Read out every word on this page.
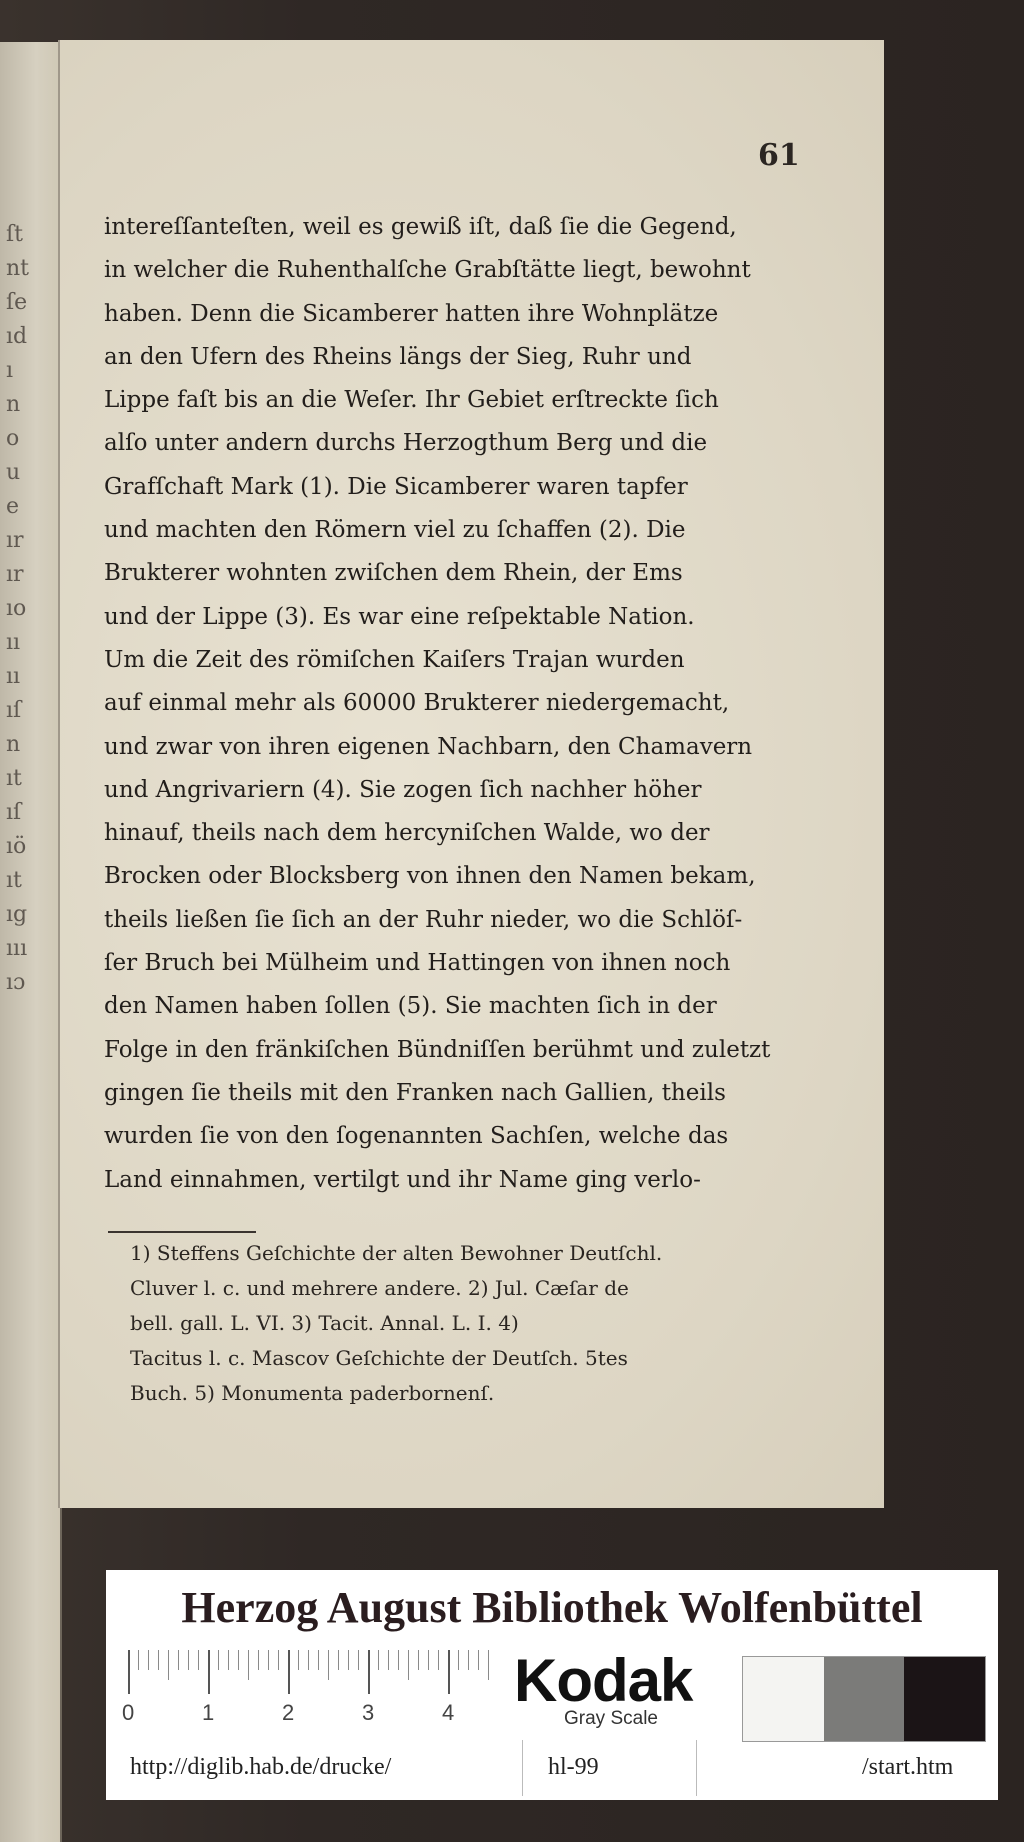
ſt
nt
ſe
ıd
ı
n
o
u
e
ır
ır
ıo
ıı
ıı
ıſ
n
ıt
ıſ
ıö
ıt
ıg
ııı
ıɔ
61
intereſſanteſten, weil es gewiß iſt, daß ſie die Gegend,
in welcher die Ruhenthalſche Grabſtätte liegt, bewohnt
haben. Denn die Sicamberer hatten ihre Wohnplätze
an den Ufern des Rheins längs der Sieg, Ruhr und
Lippe faſt bis an die Weſer. Ihr Gebiet erſtreckte ſich
alſo unter andern durchs Herzogthum Berg und die
Grafſchaft Mark (1). Die Sicamberer waren tapfer
und machten den Römern viel zu ſchaffen (2). Die
Brukterer wohnten zwiſchen dem Rhein, der Ems
und der Lippe (3). Es war eine reſpektable Nation.
Um die Zeit des römiſchen Kaiſers Trajan wurden
auf einmal mehr als 60000 Brukterer niedergemacht,
und zwar von ihren eigenen Nachbarn, den Chamavern
und Angrivariern (4). Sie zogen ſich nachher höher
hinauf, theils nach dem hercyniſchen Walde, wo der
Brocken oder Blocksberg von ihnen den Namen bekam,
theils ließen ſie ſich an der Ruhr nieder, wo die Schlöſ-
ſer Bruch bei Mülheim und Hattingen von ihnen noch
den Namen haben ſollen (5). Sie machten ſich in der
Folge in den fränkiſchen Bündniſſen berühmt und zuletzt
gingen ſie theils mit den Franken nach Gallien, theils
wurden ſie von den ſogenannten Sachſen, welche das
Land einnahmen, vertilgt und ihr Name ging verlo-
1) Steffens Geſchichte der alten Bewohner Deutſchl.
Cluver l. c. und mehrere andere. 2) Jul. Cæſar de
bell. gall. L. VI. 3) Tacit. Annal. L. I. 4)
Tacitus l. c. Mascov Geſchichte der Deutſch. 5tes
Buch. 5) Monumenta paderbornenſ.
Herzog August Bibliothek Wolfenbüttel
0	1	2	3	4 Kodak
Gray Scale
http://diglib.hab.de/drucke/	hl-99	/start.htm
